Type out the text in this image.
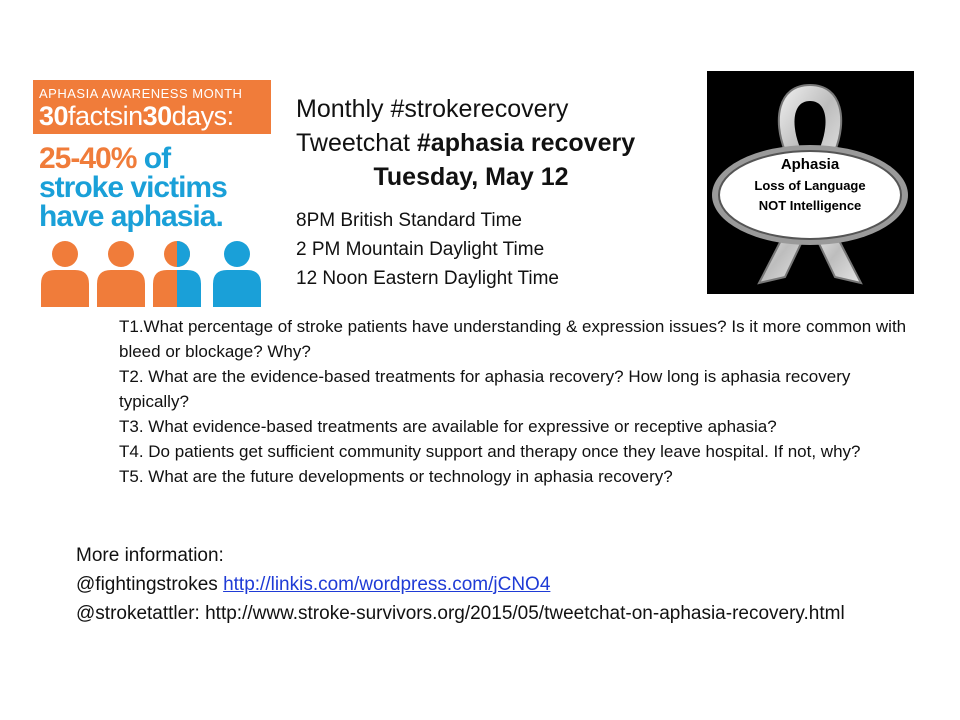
APHASIA AWARENESS MONTH
30factsin30days:
25-40% of
stroke victims
have aphasia.
Monthly #strokerecovery
Tweetchat #aphasia recovery
Tuesday, May 12
8PM British Standard Time
2 PM Mountain Daylight Time
12 Noon Eastern Daylight Time
Aphasia
Loss of Language
NOT Intelligence

T1.What percentage of stroke patients have understanding & expression issues? Is it more common with bleed or blockage? Why?

T2. What are the evidence-based treatments for aphasia recovery? How long is aphasia recovery typically?

T3. What evidence-based treatments are available for expressive or receptive aphasia?

T4. Do patients get sufficient community support and therapy once they leave hospital. If not, why?

T5. What are the future developments or technology in aphasia recovery?

More information:

@fightingstrokes http://linkis.com/wordpress.com/jCNO4

@stroketattler: http://www.stroke-survivors.org/2015/05/tweetchat-on-aphasia-recovery.html
